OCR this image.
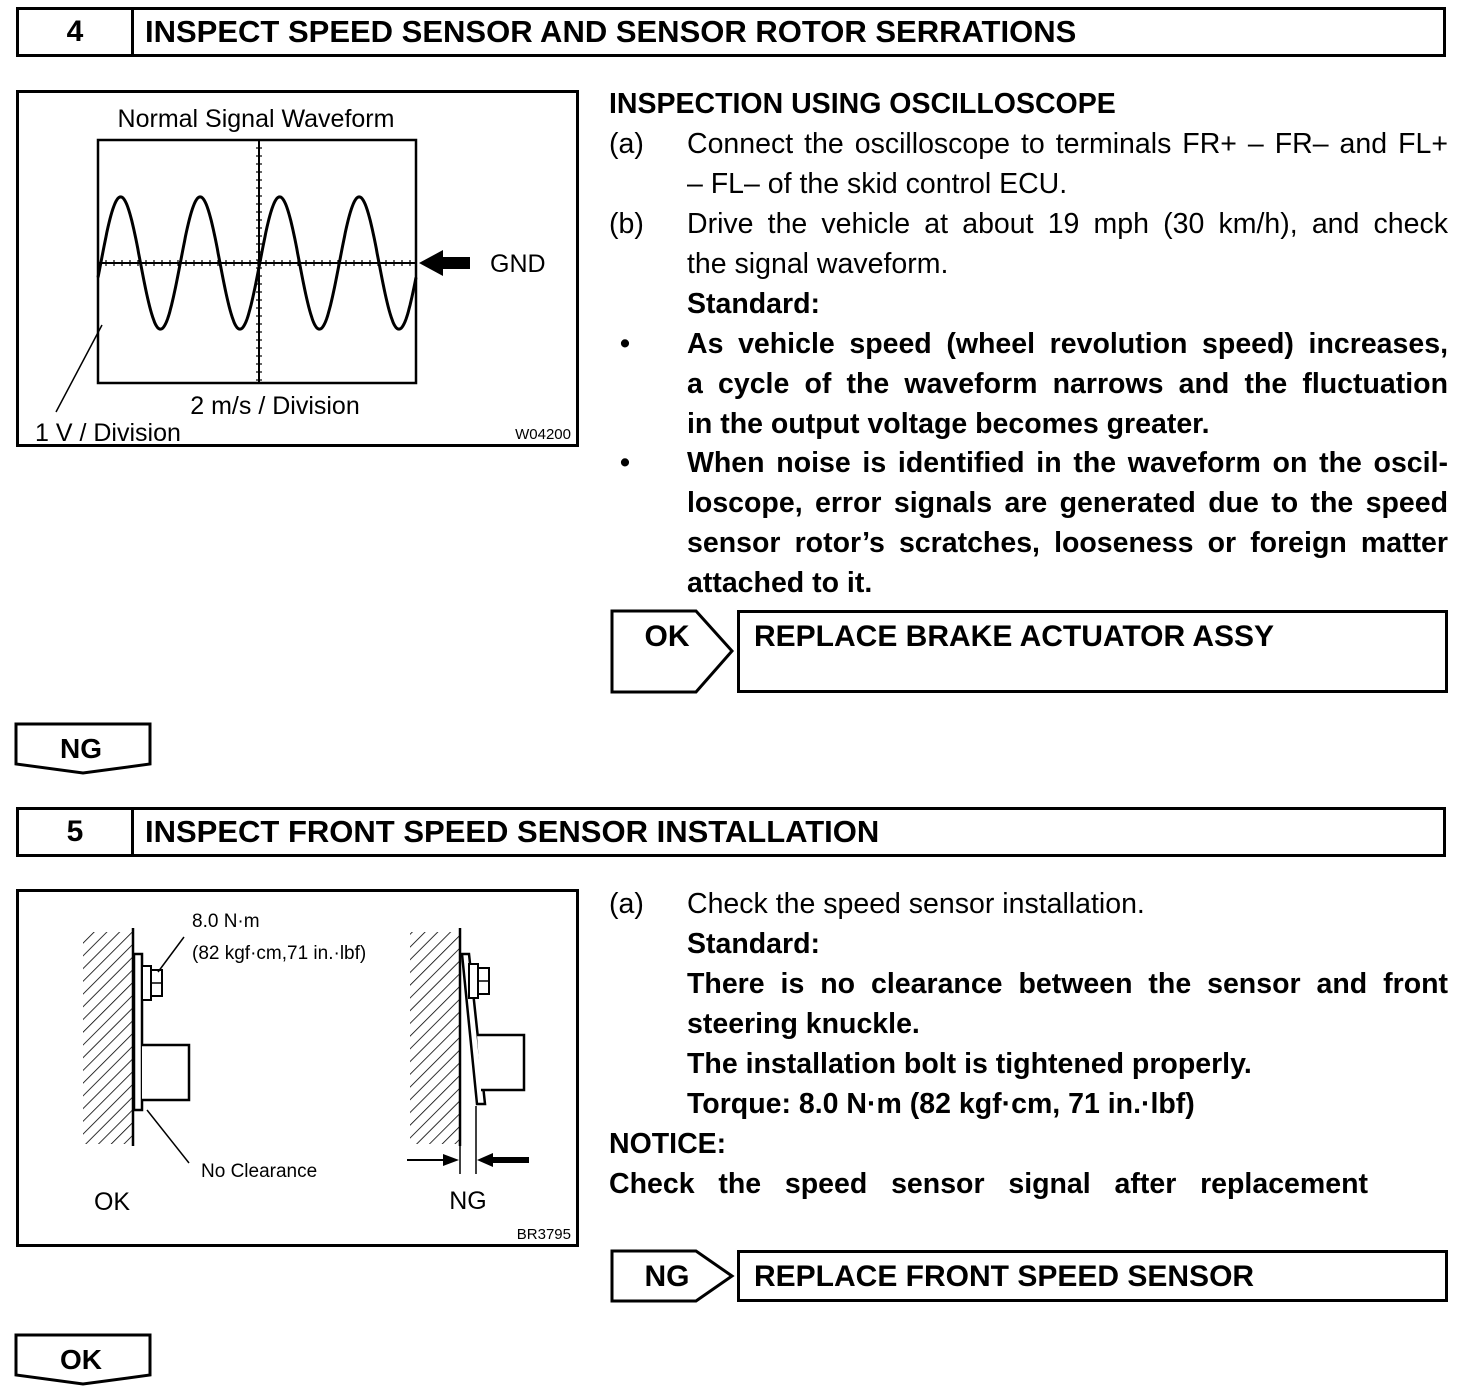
4	INSPECT SPEED SENSOR AND SENSOR ROTOR SERRATIONS
Normal Signal Waveform
GND
2 m/s / Division
1 V / Division	W04200
INSPECTION USING OSCILLOSCOPE
(a) Connect the oscilloscope to terminals FR+ – FR– and FL+
– FL– of the skid control ECU.
(b) Drive the vehicle at about 19 mph (30 km/h), and check
the signal waveform.
Standard:
• As vehicle speed (wheel revolution speed) increases,
a cycle of the waveform narrows and the fluctuation
in the output voltage becomes greater.
• When noise is identified in the waveform on the oscil-
loscope, error signals are generated due to the speed
sensor rotor’s scratches, looseness or foreign matter
attached to it.
OK REPLACE BRAKE ACTUATOR ASSY
NG
5	INSPECT FRONT SPEED SENSOR INSTALLATION
8.0 N·m
(82 kgf·cm,71 in.·lbf)
No Clearance
OK	NG
BR3795
(a) Check the speed sensor installation.
Standard:
There is no clearance between the sensor and front
steering knuckle.
The installation bolt is tightened properly.
Torque: 8.0 N·m (82 kgf·cm, 71 in.·lbf)
NOTICE:
Check the speed sensor signal after replacement
NG REPLACE FRONT SPEED SENSOR
OK
